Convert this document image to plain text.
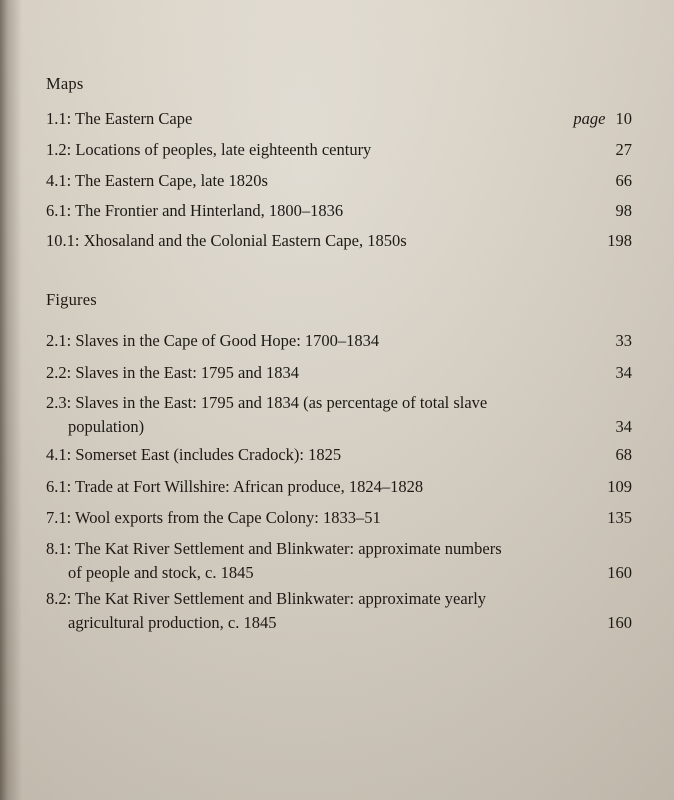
Maps
1.1: The Eastern Cape	page 10
1.2: Locations of peoples, late eighteenth century	27
4.1: The Eastern Cape, late 1820s	66
6.1: The Frontier and Hinterland, 1800–1836	98
10.1: Xhosaland and the Colonial Eastern Cape, 1850s	198
Figures
2.1: Slaves in the Cape of Good Hope: 1700–1834	33
2.2: Slaves in the East: 1795 and 1834	34
2.3: Slaves in the East: 1795 and 1834 (as percentage of total slave
population)	34
4.1: Somerset East (includes Cradock): 1825	68
6.1: Trade at Fort Willshire: African produce, 1824–1828	109
7.1: Wool exports from the Cape Colony: 1833–51	135
8.1: The Kat River Settlement and Blinkwater: approximate numbers
of people and stock, c. 1845	160
8.2: The Kat River Settlement and Blinkwater: approximate yearly
agricultural production, c. 1845	160
